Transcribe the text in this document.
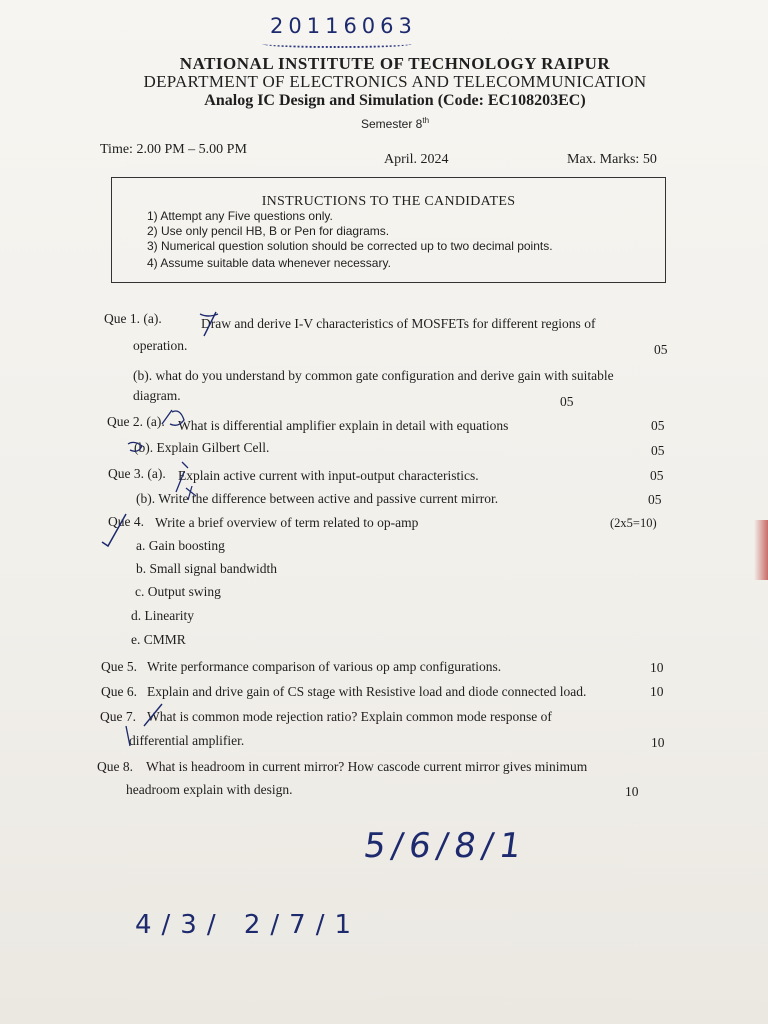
20116063
NATIONAL INSTITUTE OF TECHNOLOGY RAIPUR
DEPARTMENT OF ELECTRONICS AND TELECOMMUNICATION
Analog IC Design and Simulation (Code: EC108203EC)
Semester 8th
Time: 2.00 PM – 5.00 PM
April. 2024	Max. Marks: 50
INSTRUCTIONS TO THE CANDIDATES
1) Attempt any Five questions only.
2) Use only pencil HB, B or Pen for diagrams.
3) Numerical question solution should be corrected up to two decimal points.
4) Assume suitable data whenever necessary.
Que 1. (a).	Draw and derive I-V characteristics of MOSFETs for different regions of
operation.	05
(b). what do you understand by common gate configuration and derive gain with suitable
diagram.	05
Que 2. (a). What is differential amplifier explain in detail with equations	05
(b). Explain Gilbert Cell.	05
Que 3. (a). Explain active current with input-output characteristics.	05
(b). Write the difference between active and passive current mirror.	05
Que 4. Write a brief overview of term related to op-amp	(2x5=10)
a. Gain boosting
b. Small signal bandwidth
c. Output swing
d. Linearity
e. CMMR
Que 5. Write performance comparison of various op amp configurations.	10
Que 6. Explain and drive gain of CS stage with Resistive load and diode connected load.	10
Que 7. What is common mode rejection ratio? Explain common mode response of
differential amplifier.	10
Que 8. What is headroom in current mirror? How cascode current mirror gives minimum
headroom explain with design.	10
5/6/8/1
4/3/ 2/7/1
